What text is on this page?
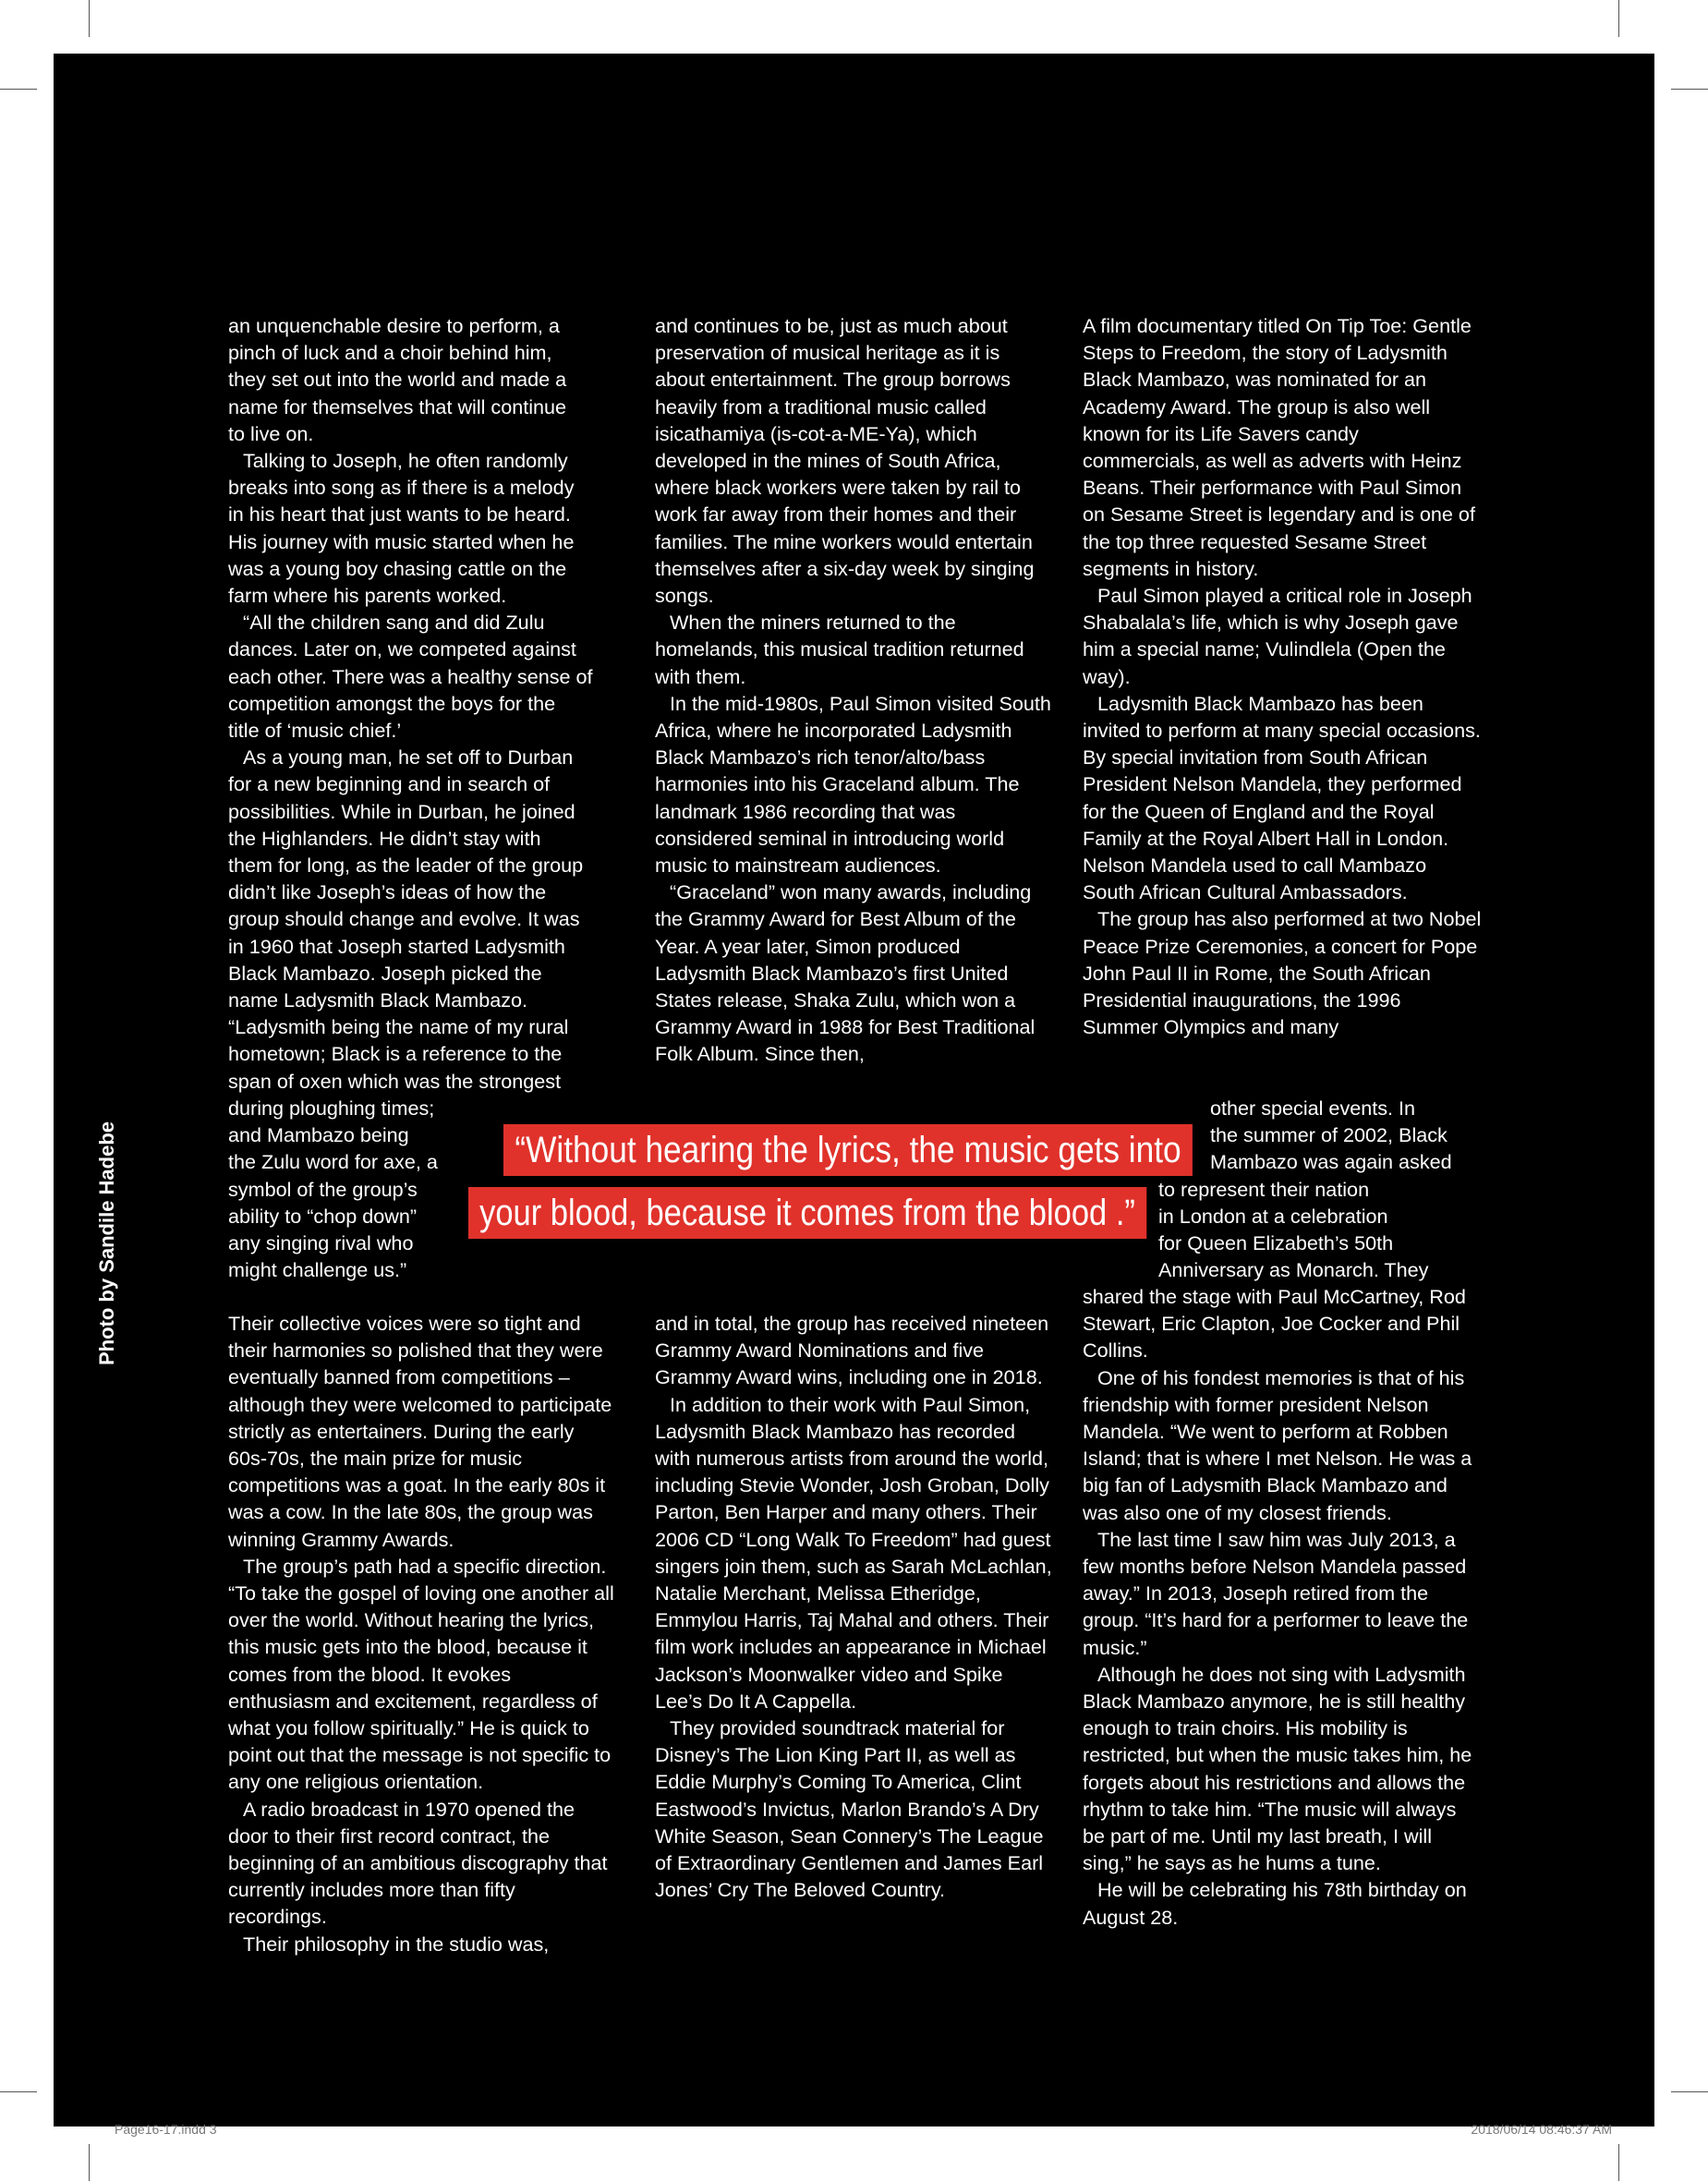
Photo by Sandile Hadebe
an unquenchable desire to perform, a
pinch of luck and a choir behind him,
they set out into the world and made a
name for themselves that will continue
to live on.
Talking to Joseph, he often randomly
breaks into song as if there is a melody
in his heart that just wants to be heard.
His journey with music started when he
was a young boy chasing cattle on the
farm where his parents worked.
“All the children sang and did Zulu
dances. Later on, we competed against
each other. There was a healthy sense of
competition amongst the boys for the
title of ‘music chief.’
As a young man, he set off to Durban
for a new beginning and in search of
possibilities. While in Durban, he joined
the Highlanders. He didn’t stay with
them for long, as the leader of the group
didn’t like Joseph’s ideas of how the
group should change and evolve. It was
in 1960 that Joseph started Ladysmith
Black Mambazo. Joseph picked the
name Ladysmith Black Mambazo.
“Ladysmith being the name of my rural
hometown; Black is a reference to the
span of oxen which was the strongest
during ploughing times;
and Mambazo being
the Zulu word for axe, a
symbol of the group’s
ability to “chop down”
any singing rival who
might challenge us.”

Their collective voices were so tight and their harmonies so polished that they were eventually banned from competitions – although they were welcomed to participate strictly as entertainers. During the early 60s-70s, the main prize for music competitions was a goat. In the early 80s it was a cow. In the late 80s, the group was winning Grammy Awards.

The group’s path had a specific direction. “To take the gospel of loving one another all over the world. Without hearing the lyrics, this music gets into the blood, because it comes from the blood. It evokes enthusiasm and excitement, regardless of what you follow spiritually.” He is quick to point out that the message is not specific to any one religious orientation.

A radio broadcast in 1970 opened the door to their first record contract, the beginning of an ambitious discography that currently includes more than fifty recordings.

Their philosophy in the studio was,

and continues to be, just as much about preservation of musical heritage as it is about entertainment. The group borrows heavily from a traditional music called isicathamiya (is-cot-a-ME-Ya), which developed in the mines of South Africa, where black workers were taken by rail to work far away from their homes and their families. The mine workers would entertain themselves after a six-day week by singing songs.

When the miners returned to the homelands, this musical tradition returned with them.

In the mid-1980s, Paul Simon visited South Africa, where he incorporated Ladysmith Black Mambazo’s rich tenor/alto/bass harmonies into his Graceland album. The landmark 1986 recording that was considered seminal in introducing world music to mainstream audiences.

“Graceland” won many awards, including the Grammy Award for Best Album of the Year. A year later, Simon produced Ladysmith Black Mambazo’s first United States release, Shaka Zulu, which won a Grammy Award in 1988 for Best Traditional Folk Album. Since then,

and in total, the group has received nineteen Grammy Award Nominations and five Grammy Award wins, including one in 2018.

In addition to their work with Paul Simon, Ladysmith Black Mambazo has recorded with numerous artists from around the world, including Stevie Wonder, Josh Groban, Dolly Parton, Ben Harper and many others. Their 2006 CD “Long Walk To Freedom” had guest singers join them, such as Sarah McLachlan, Natalie Merchant, Melissa Etheridge, Emmylou Harris, Taj Mahal and others. Their film work includes an appearance in Michael Jackson’s Moonwalker video and Spike Lee’s Do It A Cappella.

They provided soundtrack material for Disney’s The Lion King Part II, as well as Eddie Murphy’s Coming To America, Clint Eastwood’s Invictus, Marlon Brando’s A Dry White Season, Sean Connery’s The League of Extraordinary Gentlemen and James Earl Jones’ Cry The Beloved Country.

A film documentary titled On Tip Toe: Gentle Steps to Freedom, the story of Ladysmith Black Mambazo, was nominated for an Academy Award. The group is also well known for its Life Savers candy commercials, as well as adverts with Heinz Beans. Their performance with Paul Simon on Sesame Street is legendary and is one of the top three requested Sesame Street segments in history.

Paul Simon played a critical role in Joseph Shabalala’s life, which is why Joseph gave him a special name; Vulindlela (Open the way).

Ladysmith Black Mambazo has been invited to perform at many special occasions. By special invitation from South African President Nelson Mandela, they performed for the Queen of England and the Royal Family at the Royal Albert Hall in London. Nelson Mandela used to call Mambazo South African Cultural Ambassadors.

The group has also performed at two Nobel Peace Prize Ceremonies, a concert for Pope John Paul II in Rome, the South African Presidential inaugurations, the 1996 Summer Olympics and many

other special events. In
the summer of 2002, Black
Mambazo was again asked
to represent their nation
in London at a celebration
for Queen Elizabeth’s 50th
Anniversary as Monarch. They

shared the stage with Paul McCartney, Rod Stewart, Eric Clapton, Joe Cocker and Phil Collins.

One of his fondest memories is that of his friendship with former president Nelson Mandela. “We went to perform at Robben Island; that is where I met Nelson. He was a big fan of Ladysmith Black Mambazo and was also one of my closest friends.

The last time I saw him was July 2013, a few months before Nelson Mandela passed away.” In 2013, Joseph retired from the group. “It’s hard for a performer to leave the music.”

Although he does not sing with Ladysmith Black Mambazo anymore, he is still healthy enough to train choirs. His mobility is restricted, but when the music takes him, he forgets about his restrictions and allows the rhythm to take him. “The music will always be part of me. Until my last breath, I will sing,” he says as he hums a tune.

He will be celebrating his 78th birthday on August 28.

“Without hearing the lyrics, the music gets into
your blood, because it comes from the blood .”
Page16-17.indd 3	2018/06/14 08:46:37 AM
